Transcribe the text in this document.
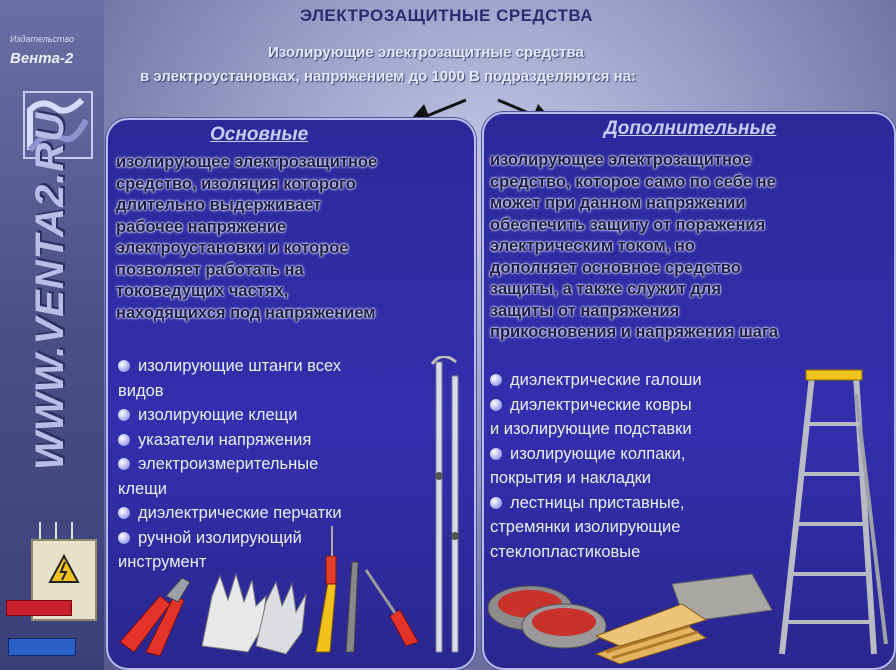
Издательство
Вента-2
WWW.VENTA2.RU
ЭЛЕКТРОЗАЩИТНЫЕ СРЕДСТВА
Изолирующие электрозащитные средства
в электроустановках, напряжением до 1000 В подразделяются на:
Основные	Дополнительные
изолирующее электрозащитное
средство, изоляция которого
длительно выдерживает
рабочее напряжение
электроустановки и которое
позволяет работать на
токоведущих частях,
находящихся под напряжением
изолирующее электрозащитное
средство, которое само по себе не
может при данном напряжении
обеспечить защиту от поражения
электрическим током, но
дополняет основное средство
защиты, а также служит для
защиты от напряжения
прикосновения и напряжения шага
изолирующие штанги всех
видов
изолирующие клещи
указатели напряжения
электроизмерительные
клещи
диэлектрические перчатки
ручной изолирующий
инструмент
диэлектрические галоши
диэлектрические ковры
и изолирующие подставки
изолирующие колпаки,
покрытия и накладки
лестницы приставные,
стремянки изолирующие
стеклопластиковые
